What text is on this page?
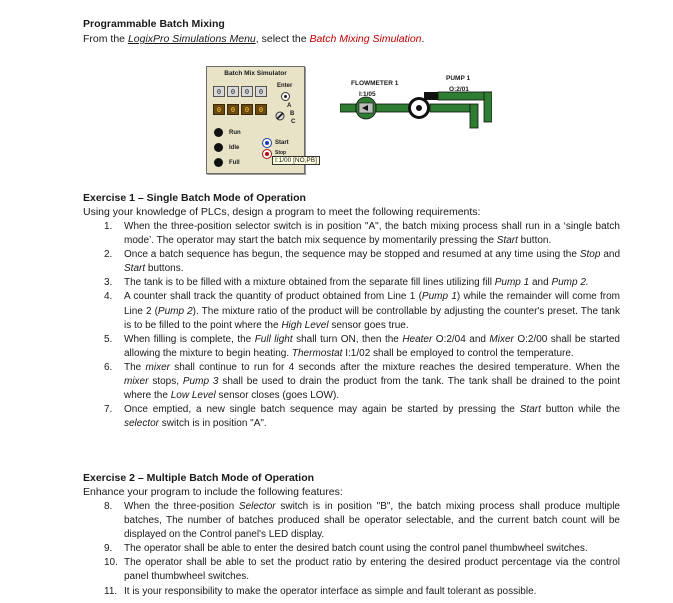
Programmable Batch Mixing
From the LogixPro Simulations Menu, select the Batch Mixing Simulation.
Batch Mix Simulator
0	0	0	0
Enter
0	0	0	0	A
B
C
Run
Idle
Full
Start
Stop
I:1/00 [NO,PB]
FLOWMETER 1
I:1/05
PUMP 1
O:2/01
Exercise 1 – Single Batch Mode of Operation
Using your knowledge of PLCs, design a program to meet the following requirements:
1. When the three-position selector switch is in position "A", the batch mixing process shall run in a ‘single batch mode’. The operator may start the batch mix sequence by momentarily pressing the Start button.
2. Once a batch sequence has begun, the sequence may be stopped and resumed at any time using the Stop and Start buttons.
3. The tank is to be filled with a mixture obtained from the separate fill lines utilizing fill Pump 1 and Pump 2.
4. A counter shall track the quantity of product obtained from Line 1 (Pump 1) while the remainder will come from Line 2 (Pump 2). The mixture ratio of the product will be controllable by adjusting the counter's preset. The tank is to be filled to the point where the High Level sensor goes true.
5. When filling is complete, the Full light shall turn ON, then the Heater O:2/04 and Mixer O:2/00 shall be started allowing the mixture to begin heating. Thermostat I:1/02 shall be employed to control the temperature.
6. The mixer shall continue to run for 4 seconds after the mixture reaches the desired temperature. When the mixer stops, Pump 3 shall be used to drain the product from the tank. The tank shall be drained to the point where the Low Level sensor closes (goes LOW).
7. Once emptied, a new single batch sequence may again be started by pressing the Start button while the selector switch is in position "A".
Exercise 2 – Multiple Batch Mode of Operation
Enhance your program to include the following features:
8. When the three-position Selector switch is in position "B", the batch mixing process shall produce multiple batches, The number of batches produced shall be operator selectable, and the current batch count will be displayed on the Control panel's LED display.
9. The operator shall be able to enter the desired batch count using the control panel thumbwheel switches.
10. The operator shall be able to set the product ratio by entering the desired product percentage via the control panel thumbwheel switches.
11. It is your responsibility to make the operator interface as simple and fault tolerant as possible.
